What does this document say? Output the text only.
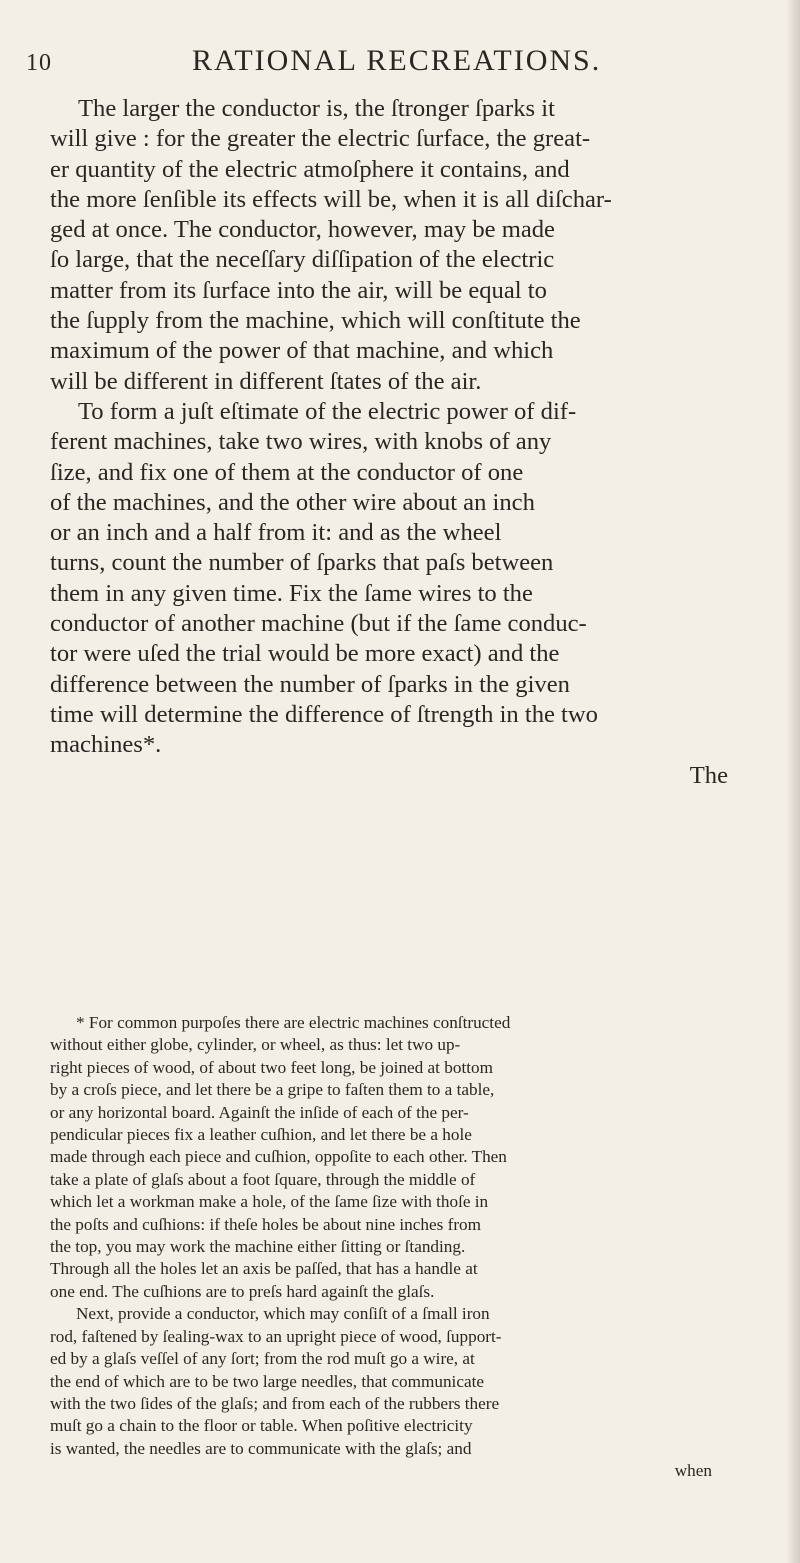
10	RATIONAL RECREATIONS.
The larger the conductor is, the ſtronger ſparks it
will give : for the greater the electric ſurface, the great-
er quantity of the electric atmoſphere it contains, and
the more ſenſible its effects will be, when it is all diſchar-
ged at once. The conductor, however, may be made
ſo large, that the neceſſary diſſipation of the electric
matter from its ſurface into the air, will be equal to
the ſupply from the machine, which will conſtitute the
maximum of the power of that machine, and which
will be different in different ſtates of the air.
To form a juſt eſtimate of the electric power of dif-
ferent machines, take two wires, with knobs of any
ſize, and fix one of them at the conductor of one
of the machines, and the other wire about an inch
or an inch and a half from it: and as the wheel
turns, count the number of ſparks that paſs between
them in any given time. Fix the ſame wires to the
conductor of another machine (but if the ſame conduc-
tor were uſed the trial would be more exact) and the
difference between the number of ſparks in the given
time will determine the difference of ſtrength in the two
machines*.
The
* For common purpoſes there are electric machines conſtructed
without either globe, cylinder, or wheel, as thus: let two up-
right pieces of wood, of about two feet long, be joined at bottom
by a croſs piece, and let there be a gripe to faſten them to a table,
or any horizontal board. Againſt the inſide of each of the per-
pendicular pieces fix a leather cuſhion, and let there be a hole
made through each piece and cuſhion, oppoſite to each other. Then
take a plate of glaſs about a foot ſquare, through the middle of
which let a workman make a hole, of the ſame ſize with thoſe in
the poſts and cuſhions: if theſe holes be about nine inches from
the top, you may work the machine either ſitting or ſtanding.
Through all the holes let an axis be paſſed, that has a handle at
one end. The cuſhions are to preſs hard againſt the glaſs.
Next, provide a conductor, which may conſiſt of a ſmall iron
rod, faſtened by ſealing-wax to an upright piece of wood, ſupport-
ed by a glaſs veſſel of any ſort; from the rod muſt go a wire, at
the end of which are to be two large needles, that communicate
with the two ſides of the glaſs; and from each of the rubbers there
muſt go a chain to the floor or table. When poſitive electricity
is wanted, the needles are to communicate with the glaſs; and
when
